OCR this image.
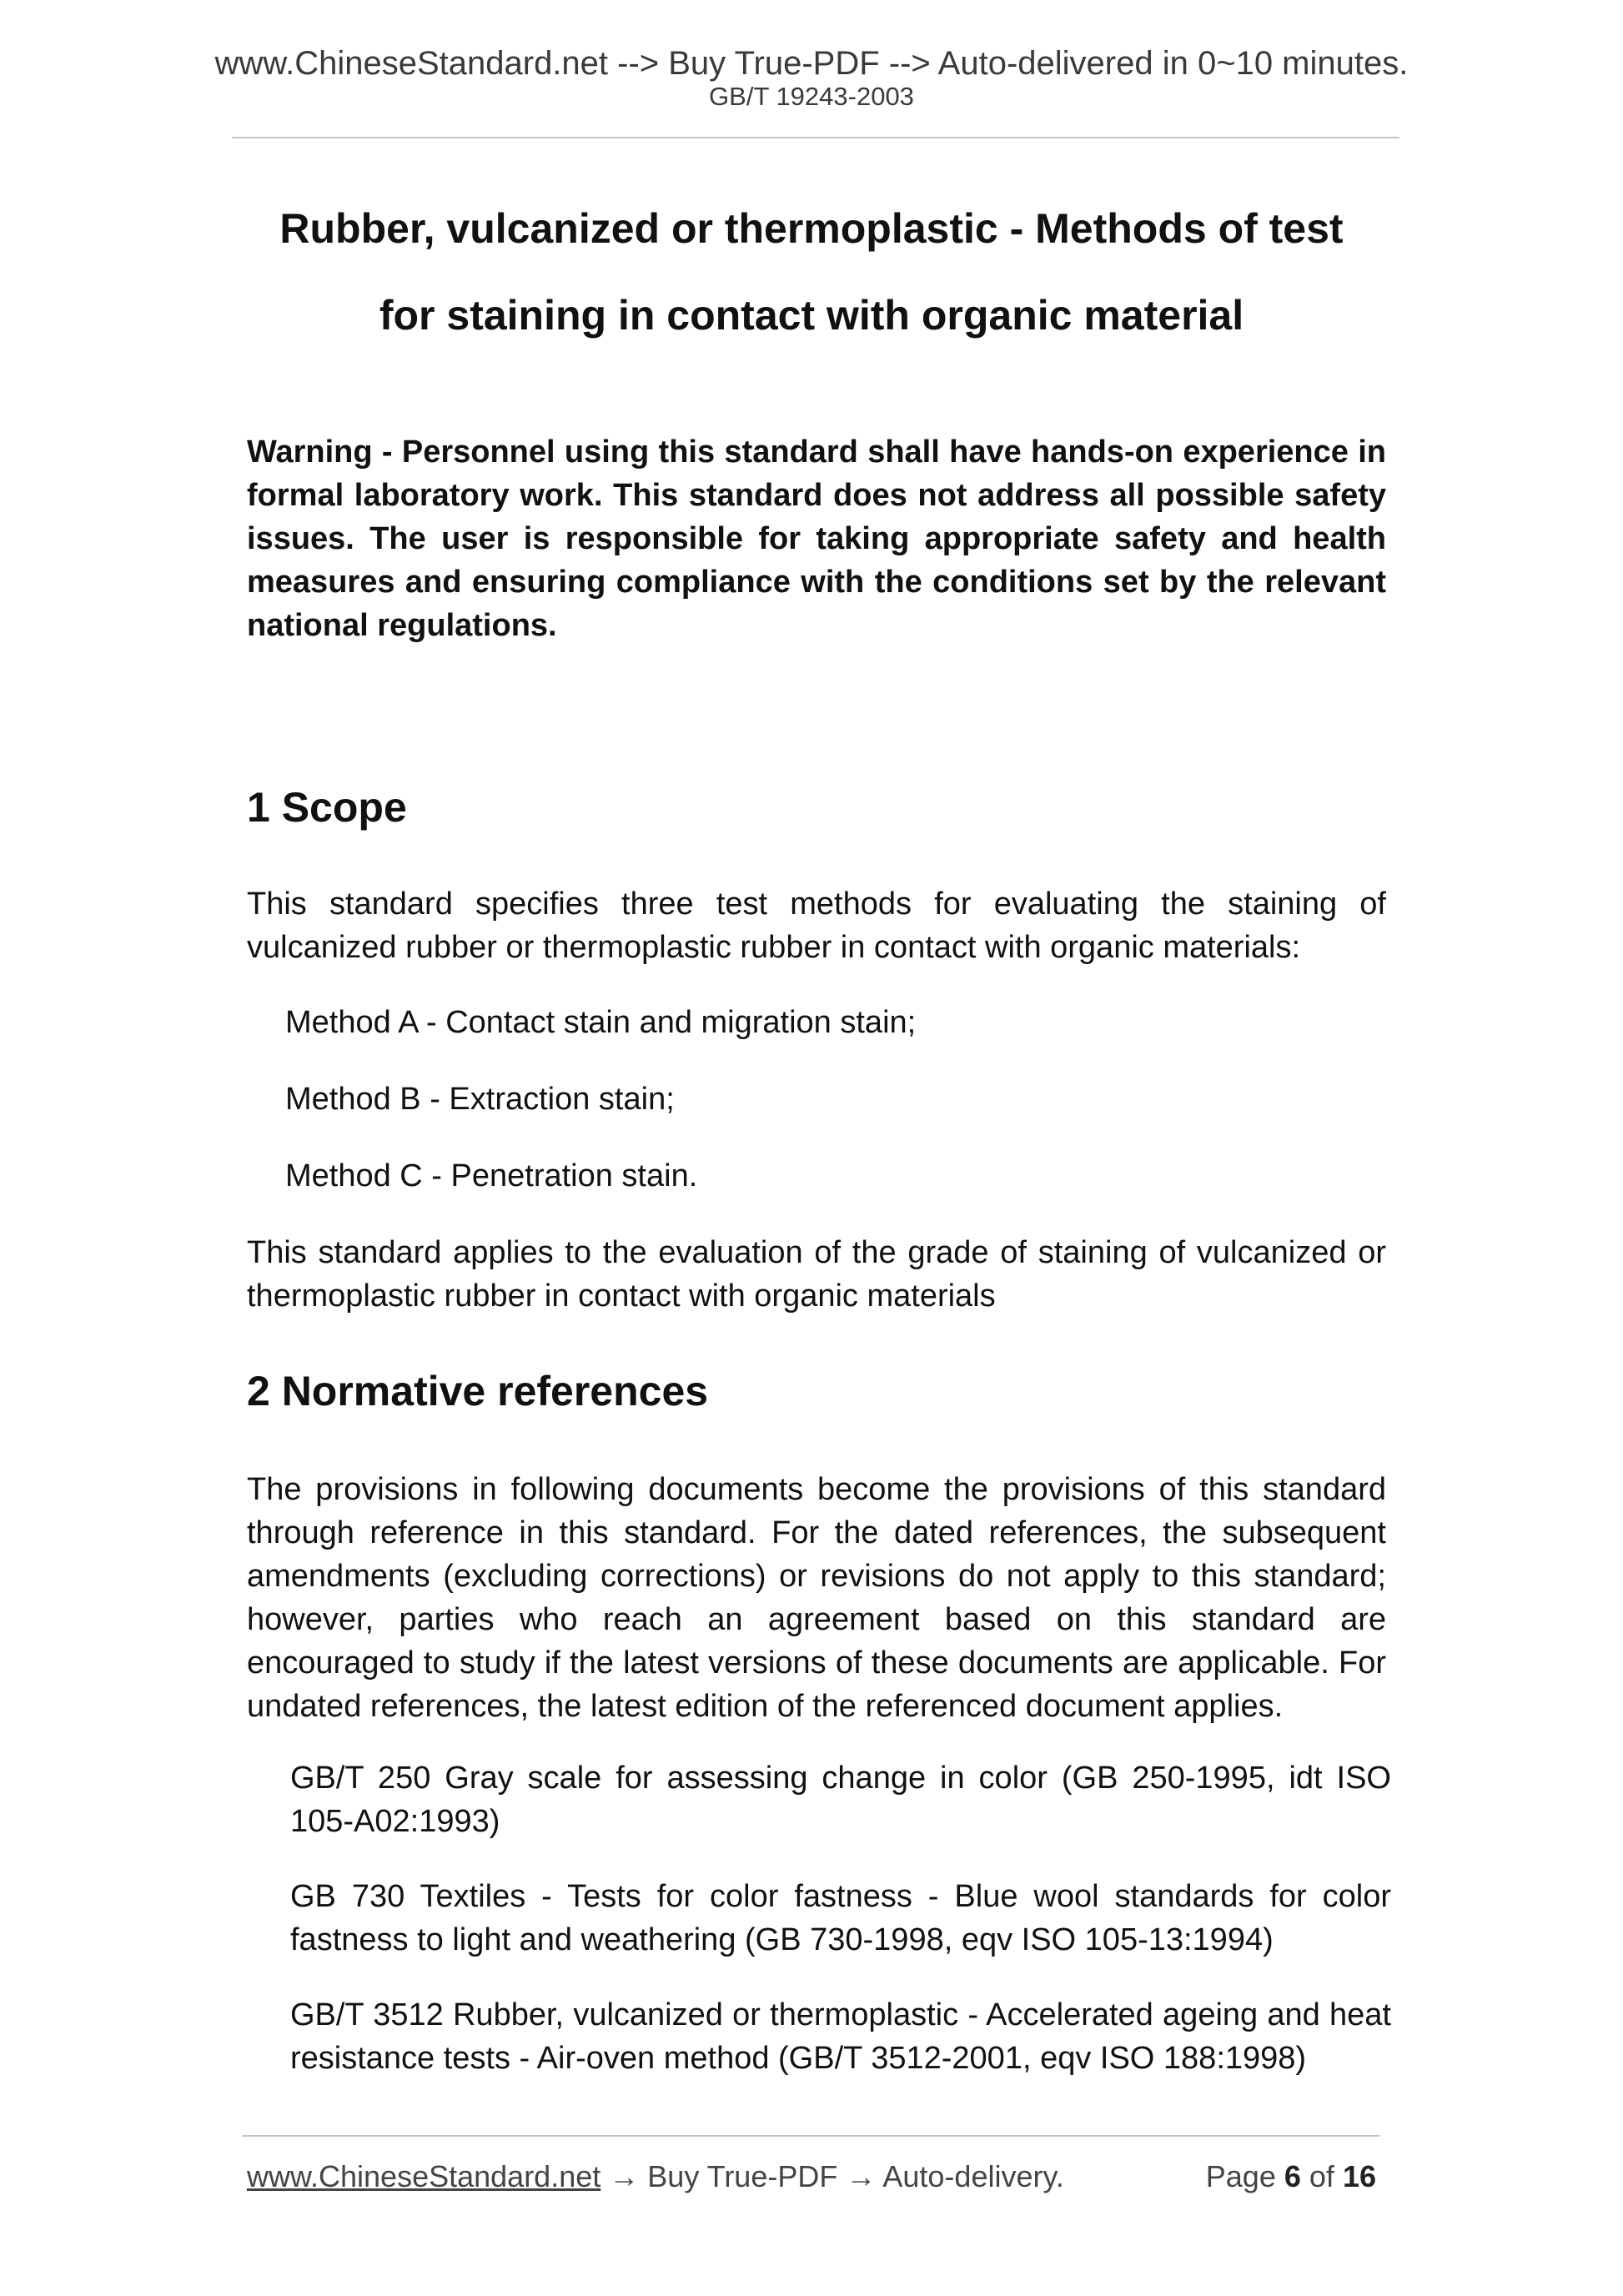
www.ChineseStandard.net --> Buy True-PDF --> Auto-delivered in 0~10 minutes.
GB/T 19243-2003
Rubber, vulcanized or thermoplastic - Methods of test
for staining in contact with organic material

Warning - Personnel using this standard shall have hands-on experience in formal laboratory work. This standard does not address all possible safety issues. The user is responsible for taking appropriate safety and health measures and ensuring compliance with the conditions set by the relevant national regulations.

1 Scope

This standard specifies three test methods for evaluating the staining of vulcanized rubber or thermoplastic rubber in contact with organic materials:

Method A - Contact stain and migration stain;
Method B - Extraction stain;
Method C - Penetration stain.

This standard applies to the evaluation of the grade of staining of vulcanized or thermoplastic rubber in contact with organic materials

2 Normative references

The provisions in following documents become the provisions of this standard through reference in this standard. For the dated references, the subsequent amendments (excluding corrections) or revisions do not apply to this standard; however, parties who reach an agreement based on this standard are encouraged to study if the latest versions of these documents are applicable. For undated references, the latest edition of the referenced document applies.

GB/T 250 Gray scale for assessing change in color (GB 250-1995, idt ISO 105-A02:1993)

GB 730 Textiles - Tests for color fastness - Blue wool standards for color fastness to light and weathering (GB 730-1998, eqv ISO 105-13:1994)

GB/T 3512 Rubber, vulcanized or thermoplastic - Accelerated ageing and heat resistance tests - Air-oven method (GB/T 3512-2001, eqv ISO 188:1998)

www.ChineseStandard.net → Buy True-PDF → Auto-delivery.	Page 6 of 16
